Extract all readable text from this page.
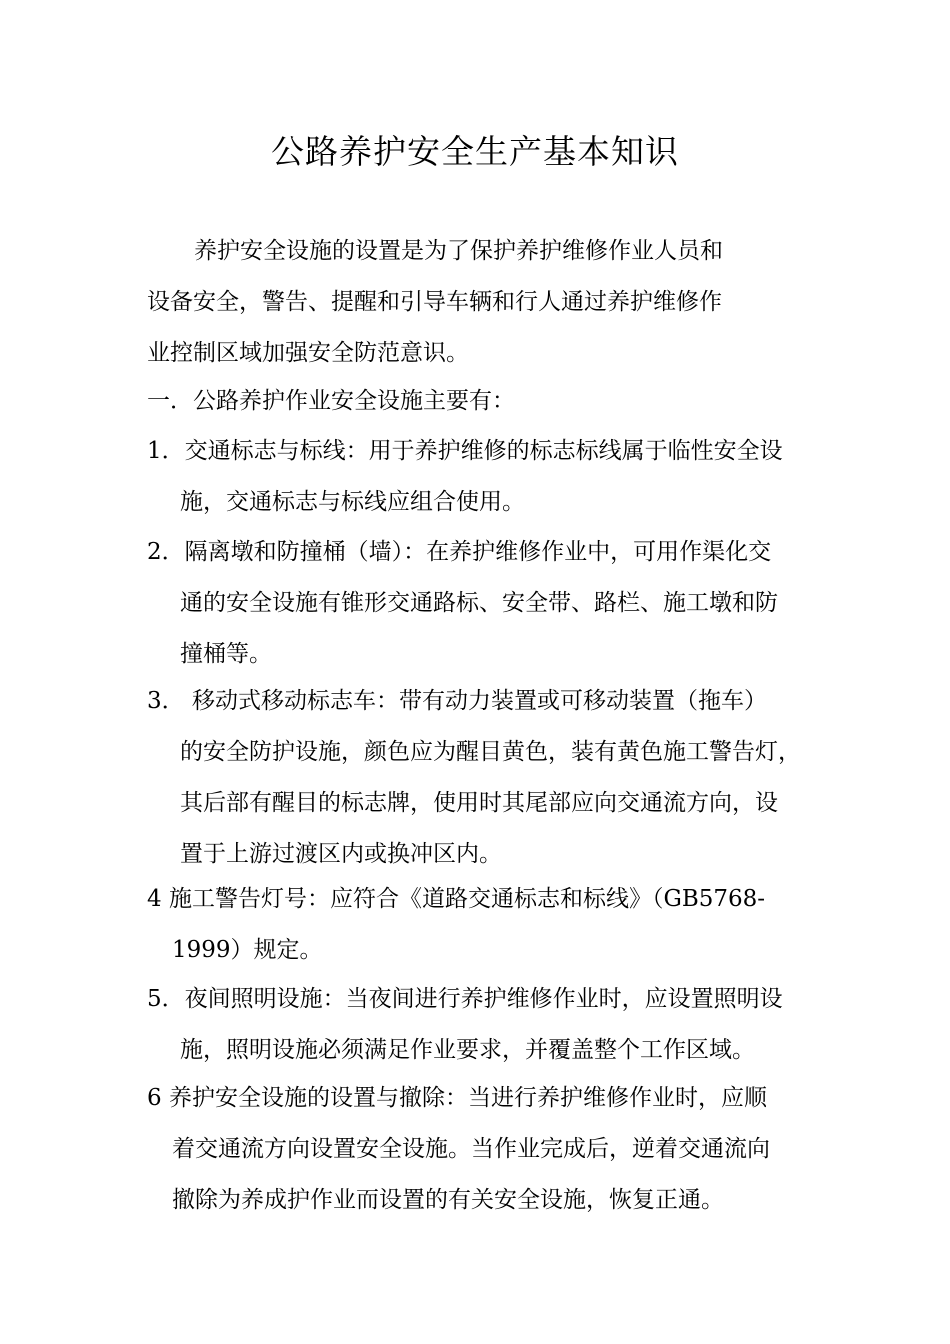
公路养护安全生产基本知识
养护安全设施的设置是为了保护养护维修作业人员和
设备安全，警告、提醒和引导车辆和行人通过养护维修作
业控制区域加强安全防范意识。
一．公路养护作业安全设施主要有：
1．交通标志与标线：用于养护维修的标志标线属于临性安全设
施，交通标志与标线应组合使用。
2．隔离墩和防撞桶（墙）：在养护维修作业中，可用作渠化交
通的安全设施有锥形交通路标、安全带、路栏、施工墩和防
撞桶等。
3． 移动式移动标志车：带有动力装置或可移动装置（拖车）
的安全防护设施，颜色应为醒目黄色，装有黄色施工警告灯，
其后部有醒目的标志牌，使用时其尾部应向交通流方向，设
置于上游过渡区内或换冲区内。
4 施工警告灯号：应符合《道路交通标志和标线》（GB5768-
1999）规定。
5．夜间照明设施：当夜间进行养护维修作业时，应设置照明设
施，照明设施必须满足作业要求，并覆盖整个工作区域。
6 养护安全设施的设置与撤除：当进行养护维修作业时，应顺
着交通流方向设置安全设施。当作业完成后，逆着交通流向
撤除为养成护作业而设置的有关安全设施，恢复正通。
